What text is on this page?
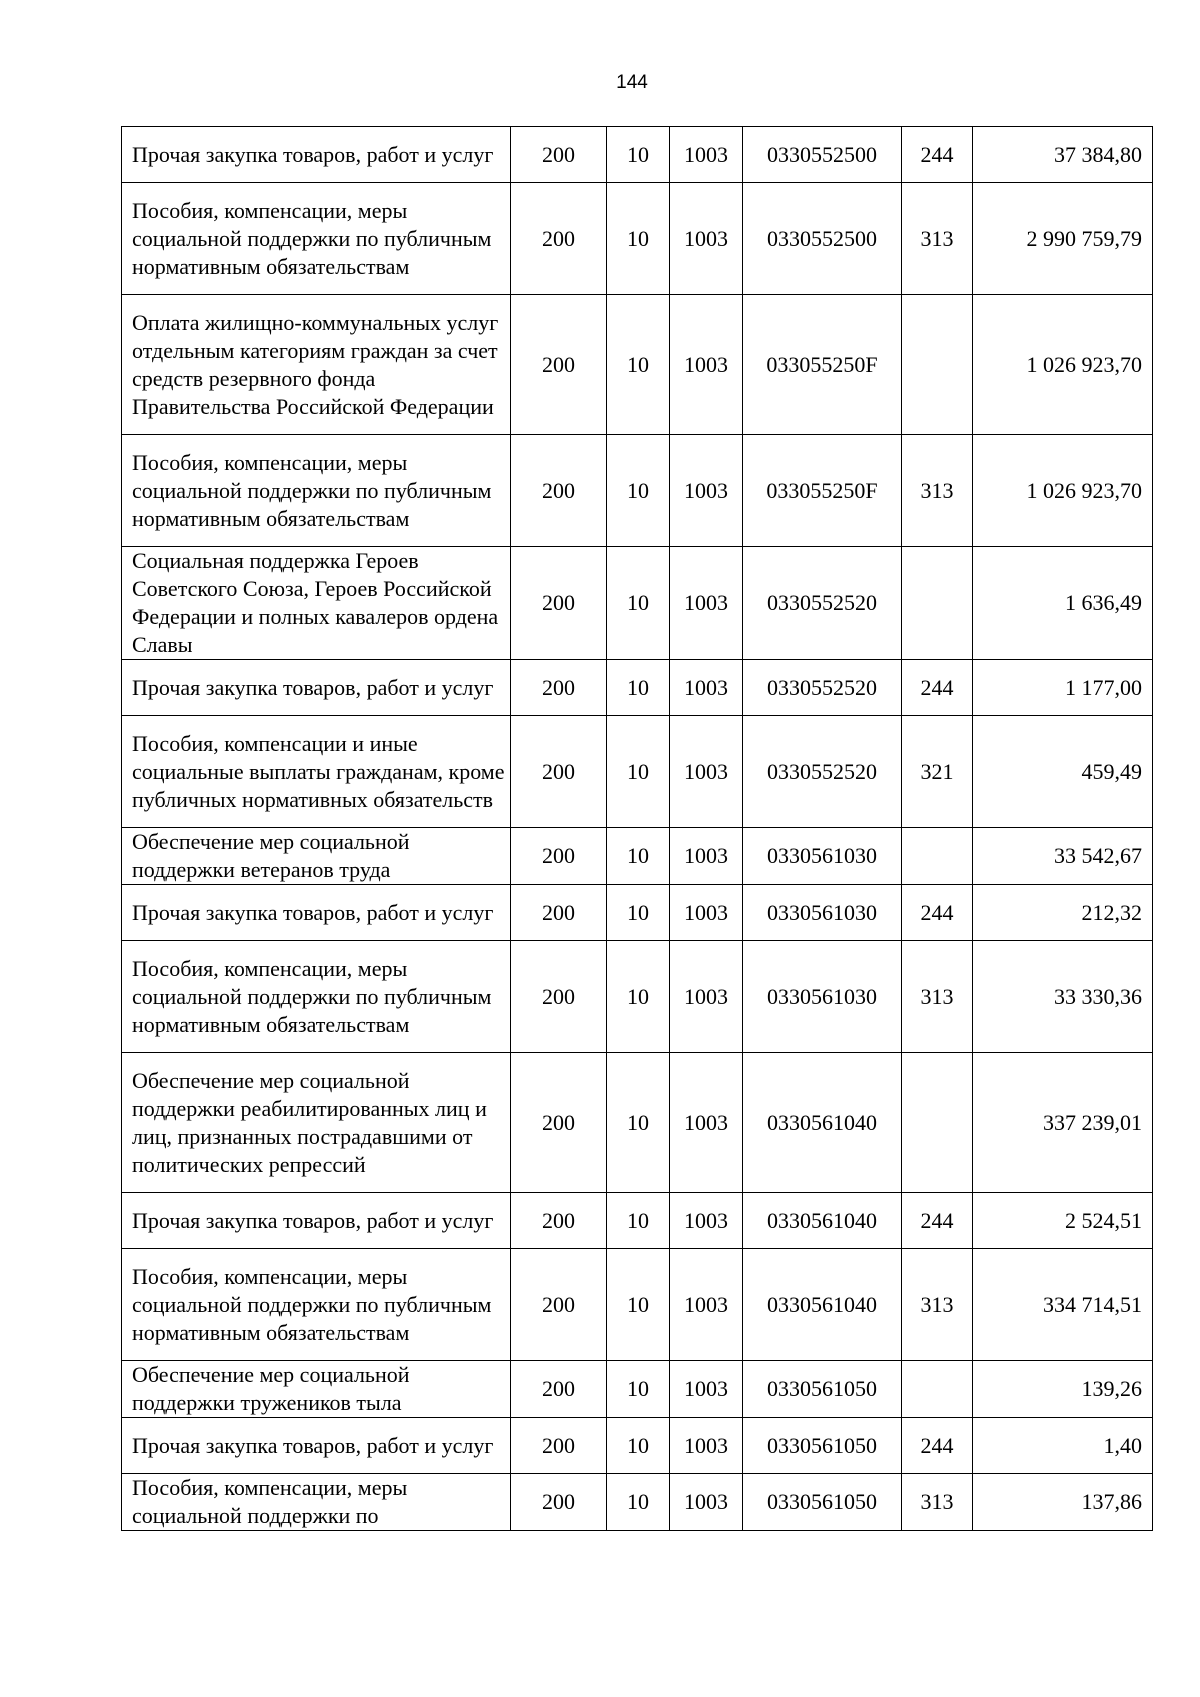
144
Прочая закупка товаров, работ и услуг	200	10	1003	0330552500	244	37 384,80
Пособия, компенсации, меры социальной поддержки по публичным нормативным обязательствам	200	10	1003	0330552500	313	2 990 759,79
Оплата жилищно-коммунальных услуг отдельным категориям граждан за счет средств резервного фонда Правительства Российской Федерации	200	10	1003	033055250F		1 026 923,70
Пособия, компенсации, меры социальной поддержки по публичным нормативным обязательствам	200	10	1003	033055250F	313	1 026 923,70
Социальная поддержка Героев Советского Союза, Героев Российской Федерации и полных кавалеров ордена Славы	200	10	1003	0330552520		1 636,49
Прочая закупка товаров, работ и услуг	200	10	1003	0330552520	244	1 177,00
Пособия, компенсации и иные социальные выплаты гражданам, кроме публичных нормативных обязательств	200	10	1003	0330552520	321	459,49
Обеспечение мер социальной поддержки ветеранов труда	200	10	1003	0330561030		33 542,67
Прочая закупка товаров, работ и услуг	200	10	1003	0330561030	244	212,32
Пособия, компенсации, меры социальной поддержки по публичным нормативным обязательствам	200	10	1003	0330561030	313	33 330,36
Обеспечение мер социальной поддержки реабилитированных лиц и лиц, признанных пострадавшими от политических репрессий	200	10	1003	0330561040		337 239,01
Прочая закупка товаров, работ и услуг	200	10	1003	0330561040	244	2 524,51
Пособия, компенсации, меры социальной поддержки по публичным нормативным обязательствам	200	10	1003	0330561040	313	334 714,51
Обеспечение мер социальной поддержки тружеников тыла	200	10	1003	0330561050		139,26
Прочая закупка товаров, работ и услуг	200	10	1003	0330561050	244	1,40
Пособия, компенсации, меры социальной поддержки по	200	10	1003	0330561050	313	137,86
